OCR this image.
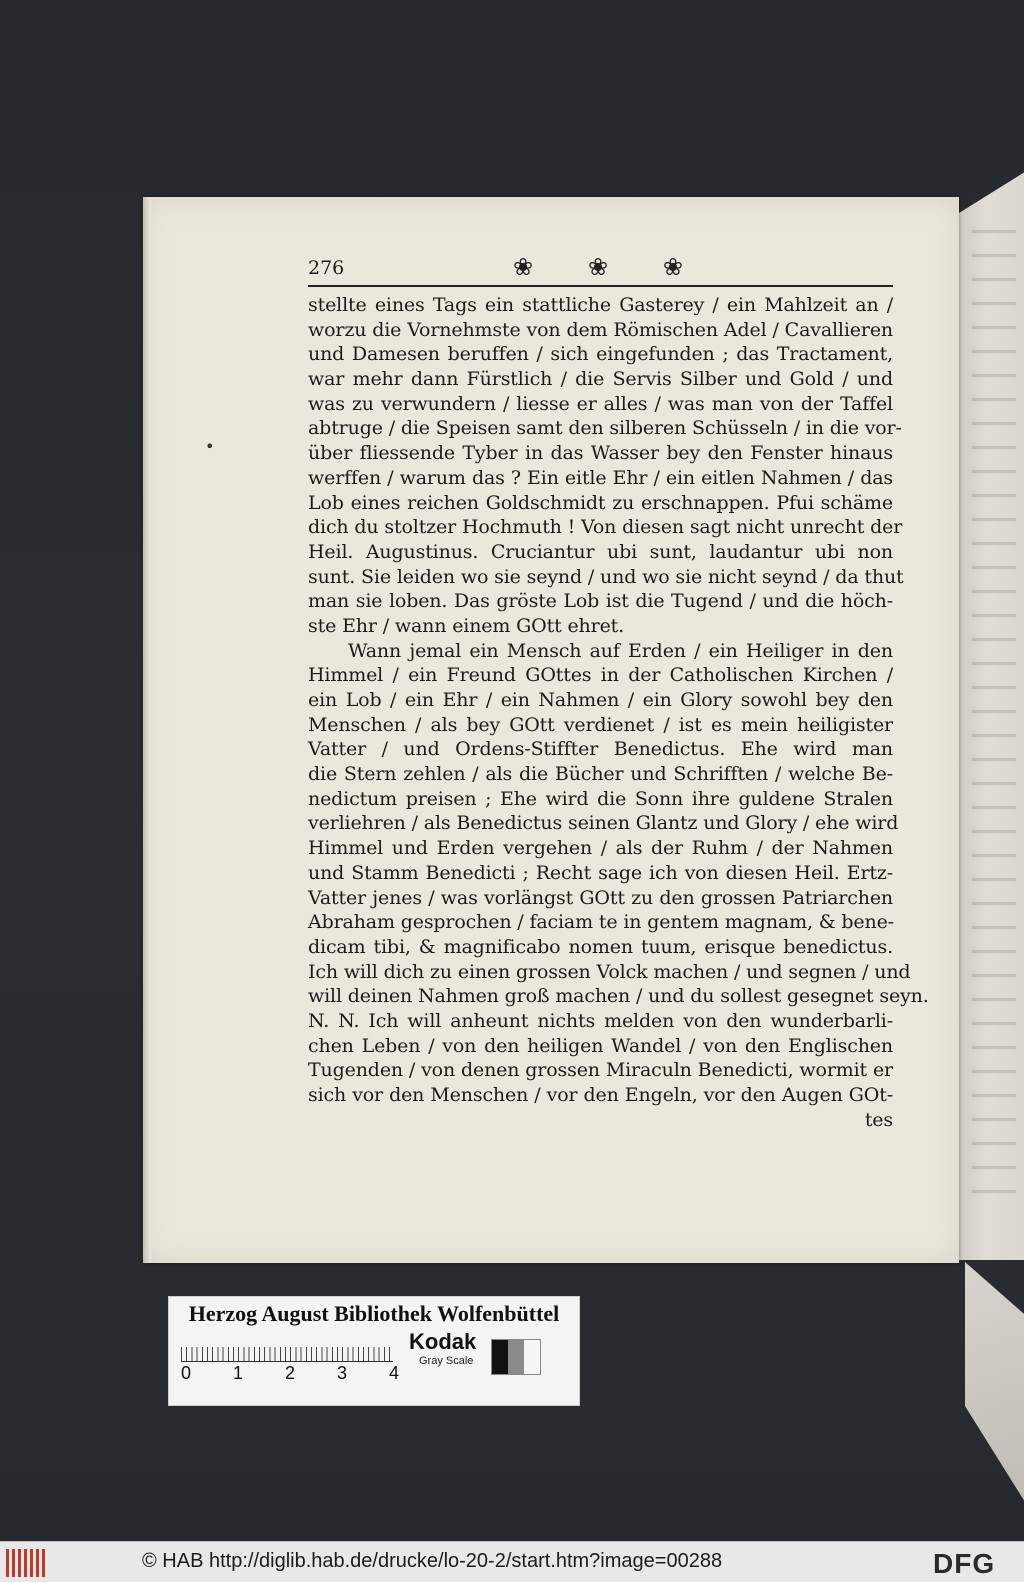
276	❀ ❀ ❀
•
stellte eines Tags ein stattliche Gasterey / ein Mahlzeit an /
worzu die Vornehmste von dem Römischen Adel / Cavallieren
und Damesen beruffen / sich eingefunden ; das Tractament,
war mehr dann Fürstlich / die Servis Silber und Gold / und
was zu verwundern / liesse er alles / was man von der Taffel
abtruge / die Speisen samt den silberen Schüsseln / in die vor-
über fliessende Tyber in das Wasser bey den Fenster hinaus
werffen / warum das ? Ein eitle Ehr / ein eitlen Nahmen / das
Lob eines reichen Goldschmidt zu erschnappen. Pfui schäme
dich du stoltzer Hochmuth ! Von diesen sagt nicht unrecht der
Heil. Augustinus. Cruciantur ubi sunt, laudantur ubi non
sunt. Sie leiden wo sie seynd / und wo sie nicht seynd / da thut
man sie loben. Das gröste Lob ist die Tugend / und die höch-
ste Ehr / wann einem GOtt ehret.
Wann jemal ein Mensch auf Erden / ein Heiliger in den
Himmel / ein Freund GOttes in der Catholischen Kirchen /
ein Lob / ein Ehr / ein Nahmen / ein Glory sowohl bey den
Menschen / als bey GOtt verdienet / ist es mein heiligister
Vatter / und Ordens-Stiffter Benedictus. Ehe wird man
die Stern zehlen / als die Bücher und Schrifften / welche Be-
nedictum preisen ; Ehe wird die Sonn ihre guldene Stralen
verliehren / als Benedictus seinen Glantz und Glory / ehe wird
Himmel und Erden vergehen / als der Ruhm / der Nahmen
und Stamm Benedicti ; Recht sage ich von diesen Heil. Ertz-
Vatter jenes / was vorlängst GOtt zu den grossen Patriarchen
Abraham gesprochen / faciam te in gentem magnam, & bene-
dicam tibi, & magnificabo nomen tuum, erisque benedictus.
Ich will dich zu einen grossen Volck machen / und segnen / und
will deinen Nahmen groß machen / und du sollest gesegnet seyn.
N. N. Ich will anheunt nichts melden von den wunderbarli-
chen Leben / von den heiligen Wandel / von den Englischen
Tugenden / von denen grossen Miraculn Benedicti, wormit er
sich vor den Menschen / vor den Engeln, vor den Augen GOt-
tes
Herzog August Bibliothek Wolfenbüttel
0 1 2 3 4
Kodak
Gray Scale
© HAB http://diglib.hab.de/drucke/lo-20-2/start.htm?image=00288	DFG
